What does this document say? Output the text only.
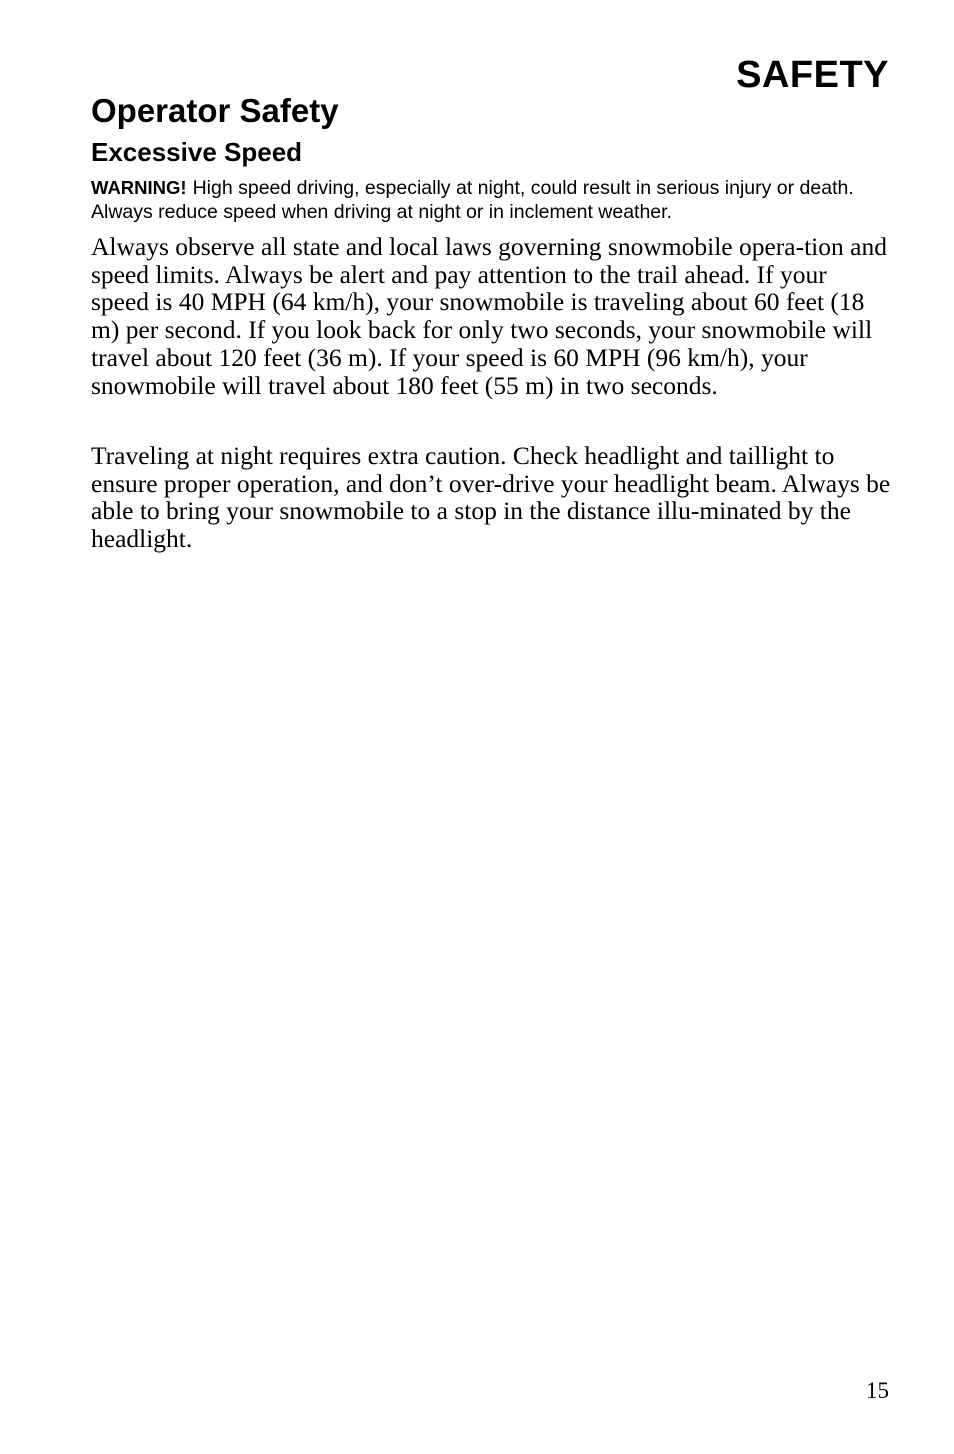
SAFETY
Operator Safety
Excessive Speed

WARNING! High speed driving, especially at night, could result in serious injury or death. Always reduce speed when driving at night or in inclement weather.

Always observe all state and local laws governing snowmobile opera-tion and speed limits. Always be alert and pay attention to the trail ahead. If your speed is 40 MPH (64 km/h), your snowmobile is traveling about 60 feet (18 m) per second. If you look back for only two seconds, your snowmobile will travel about 120 feet (36 m). If your speed is 60 MPH (96 km/h), your snowmobile will travel about 180 feet (55 m) in two seconds.

Traveling at night requires extra caution. Check headlight and taillight to ensure proper operation, and don’t over-drive your headlight beam. Always be able to bring your snowmobile to a stop in the distance illu-minated by the headlight.

15
